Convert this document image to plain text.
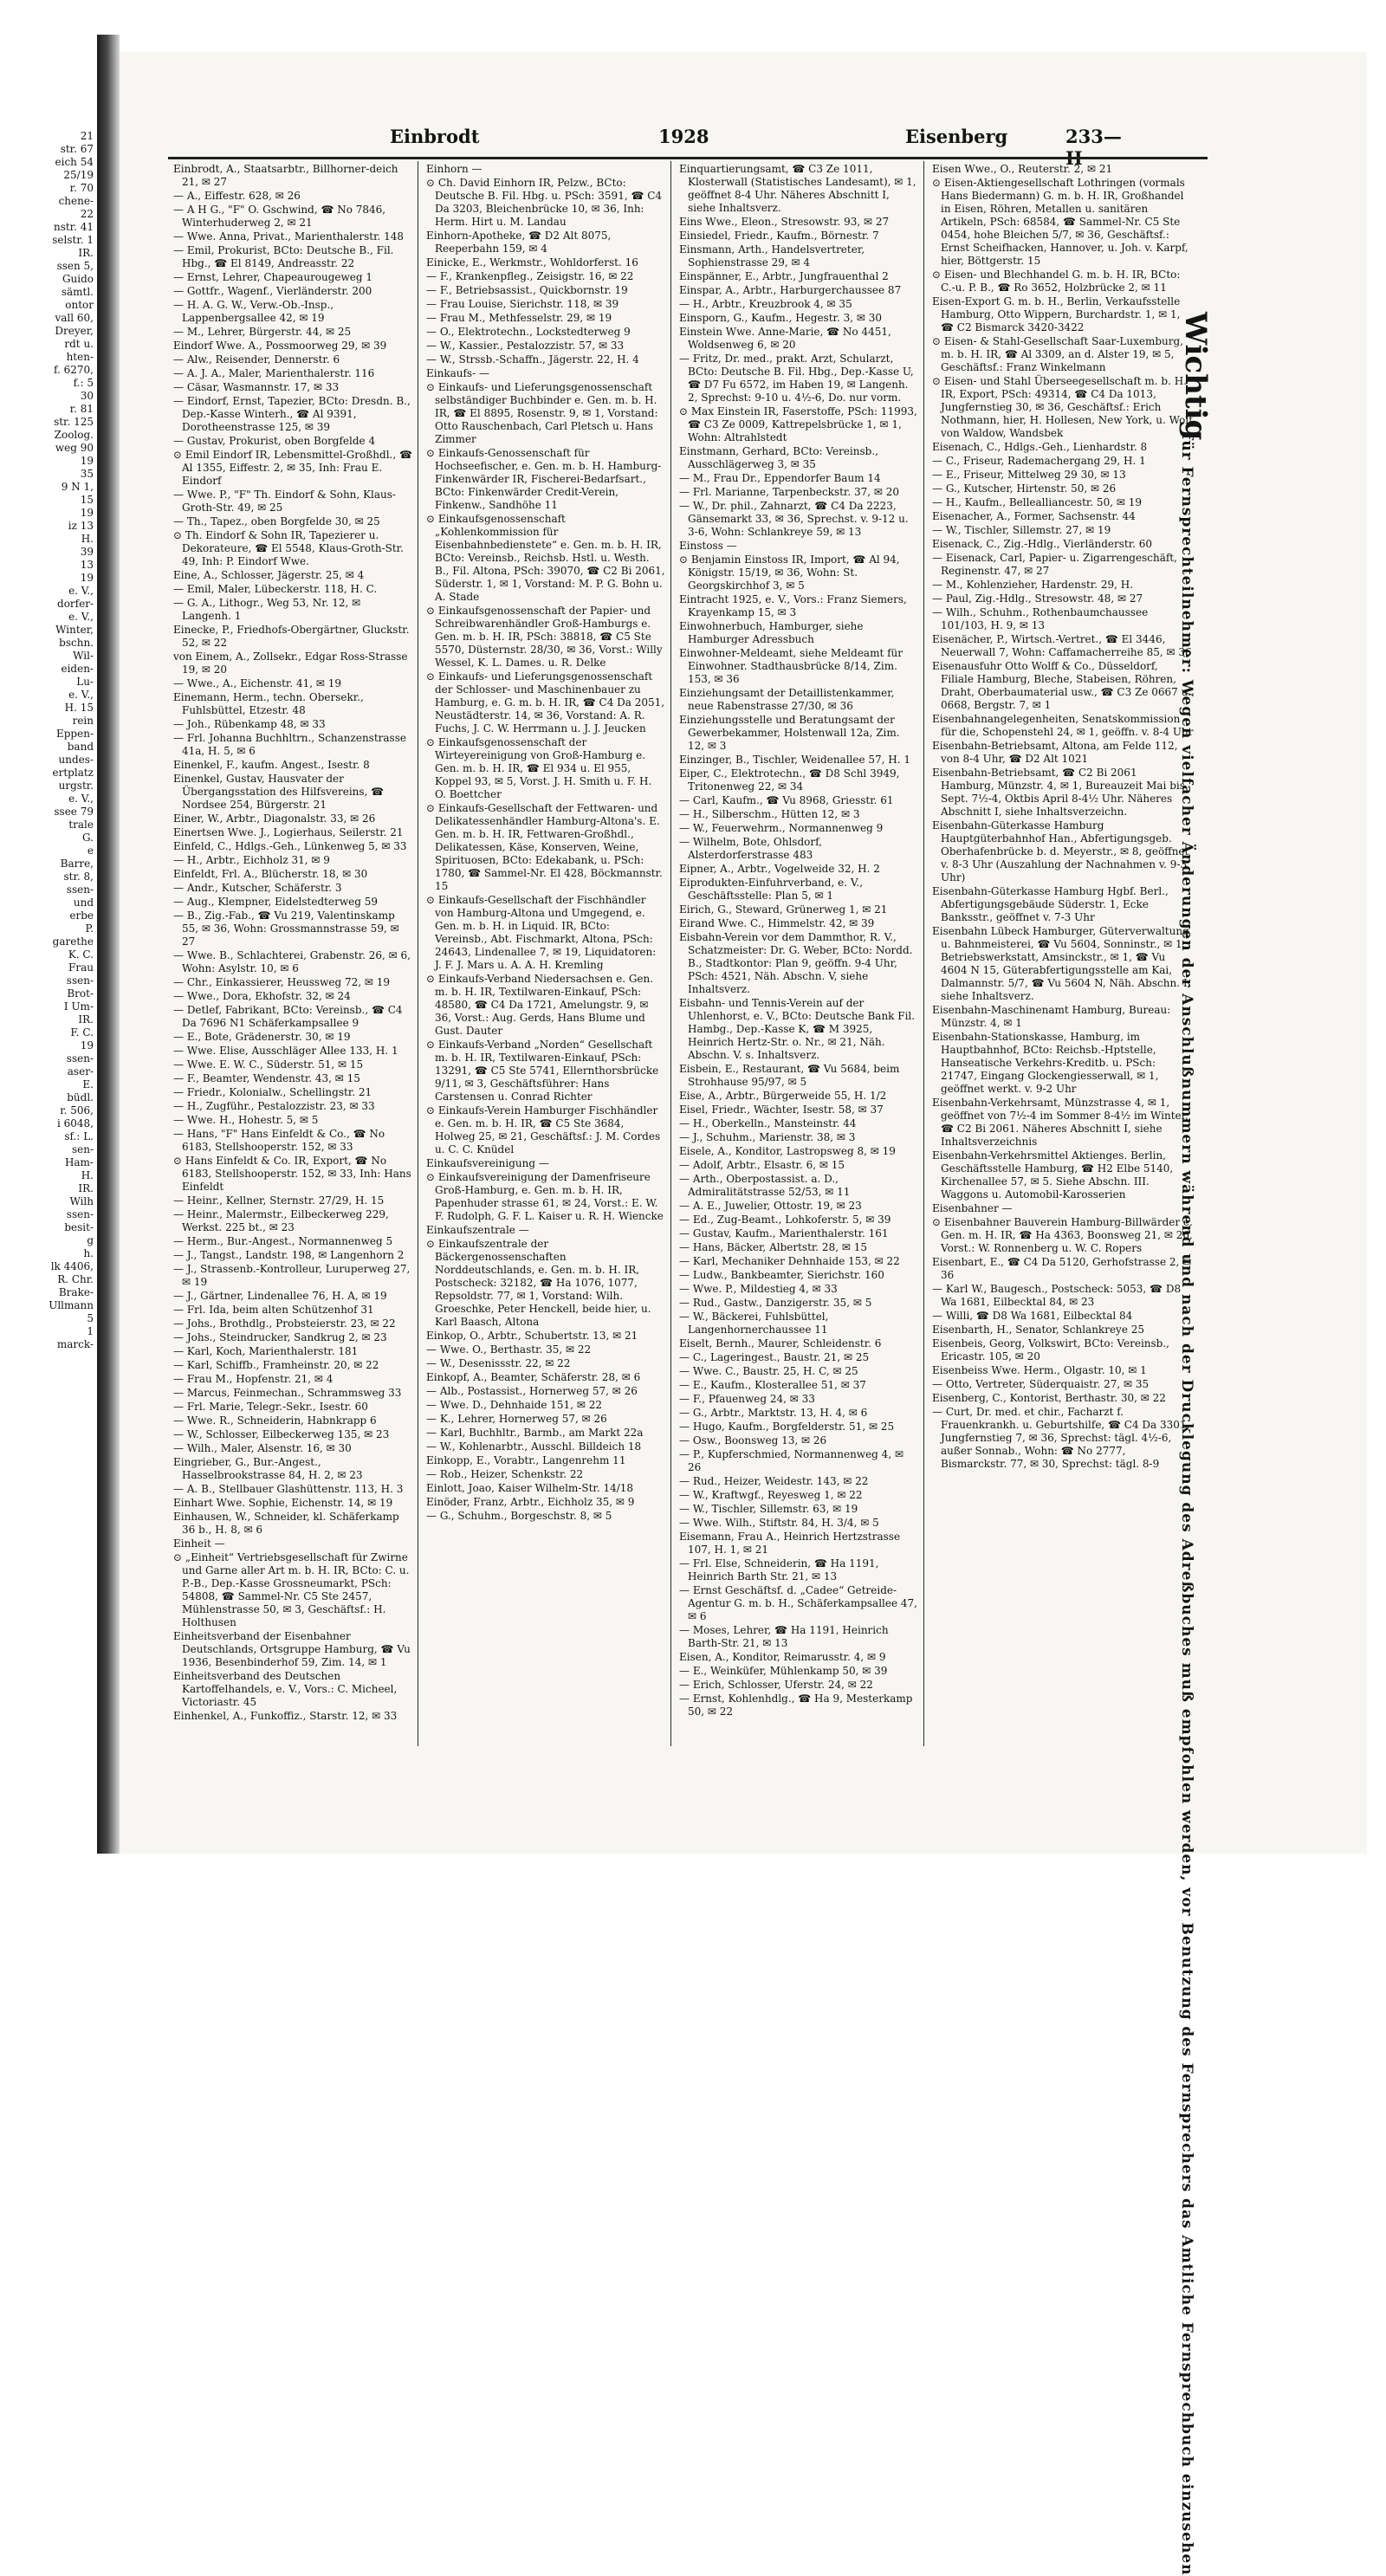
21
str. 67
eich 54
25/19
r. 70
chene-
22
nstr. 41
selstr. 1
IR.
ssen 5,
Guido
sämtl.
ontor
vall 60,
Dreyer,
rdt u.
hten-
f. 6270,
f.: 5
30
r. 81
str. 125
Zoolog.
weg 90
19
35
9 N 1,
15
19
iz 13
H.
39
13
19
e. V.,
dorfer-
e. V.,
Winter,
bschn.
Wil-
eiden-
Lu-
e. V.,
H. 15
rein
Eppen-
band
undes-
ertplatz
urgstr.
e. V.,
ssee 79
trale
G.
e
Barre,
str. 8,
ssen-
und
erbe
P.
garethe
K. C.
Frau
ssen-
Brot-
I Um-
IR.
F. C.
19
ssen-
aser-
E.
büdl.
r. 506,
i 6048,
sf.: L.
sen-
Ham-
H.
IR.
Wilh
ssen-
besit-
g
h.
lk 4406,
R. Chr.
Brake-
Ullmann
5
1
marck-
Einbrodt	1928	Eisenberg	233—II
Einbrodt, A., Staatsarbtr., Billhorner-deich 21, ✉ 27
— A., Eiffestr. 628, ✉ 26
— A H G., "F" O. Gschwind, ☎ No 7846, Winterhuderweg 2, ✉ 21
— Wwe. Anna, Privat., Marienthalerstr. 148
— Emil, Prokurist, BCto: Deutsche B., Fil. Hbg., ☎ El 8149, Andreasstr. 22
— Ernst, Lehrer, Chapeaurougeweg 1
— Gottfr., Wagenf., Vierländerstr. 200
— H. A. G. W., Verw.-Ob.-Insp., Lappenbergsallee 42, ✉ 19
— M., Lehrer, Bürgerstr. 44, ✉ 25
Eindorf Wwe. A., Possmoorweg 29, ✉ 39
— Alw., Reisender, Dennerstr. 6
— A. J. A., Maler, Marienthalerstr. 116
— Cäsar, Wasmannstr. 17, ✉ 33
— Eindorf, Ernst, Tapezier, BCto: Dresdn. B., Dep.-Kasse Winterh., ☎ Al 9391, Dorotheenstrasse 125, ✉ 39
— Gustav, Prokurist, oben Borgfelde 4
⊙ Emil Eindorf IR, Lebensmittel-Großhdl., ☎ Al 1355, Eiffestr. 2, ✉ 35, Inh: Frau E. Eindorf
— Wwe. P., "F" Th. Eindorf & Sohn, Klaus-Groth-Str. 49, ✉ 25
— Th., Tapez., oben Borgfelde 30, ✉ 25
⊙ Th. Eindorf & Sohn IR, Tapezierer u. Dekorateure, ☎ El 5548, Klaus-Groth-Str. 49, Inh: P. Eindorf Wwe.
Eine, A., Schlosser, Jägerstr. 25, ✉ 4
— Emil, Maler, Lübeckerstr. 118, H. C.
— G. A., Lithogr., Weg 53, Nr. 12, ✉ Langenh. 1
Einecke, P., Friedhofs-Obergärtner, Gluckstr. 52, ✉ 22
von Einem, A., Zollsekr., Edgar Ross-Strasse 19, ✉ 20
— Wwe., A., Eichenstr. 41, ✉ 19
Einemann, Herm., techn. Obersekr., Fuhlsbüttel, Etzestr. 48
— Joh., Rübenkamp 48, ✉ 33
— Frl. Johanna Buchhltrn., Schanzenstrasse 41a, H. 5, ✉ 6
Einenkel, F., kaufm. Angest., Isestr. 8
Einenkel, Gustav, Hausvater der Übergangsstation des Hilfsvereins, ☎ Nordsee 254, Bürgerstr. 21
Einer, W., Arbtr., Diagonalstr. 33, ✉ 26
Einertsen Wwe. J., Logierhaus, Seilerstr. 21
Einfeld, C., Hdlgs.-Geh., Lünkenweg 5, ✉ 33
— H., Arbtr., Eichholz 31, ✉ 9
Einfeldt, Frl. A., Blücherstr. 18, ✉ 30
— Andr., Kutscher, Schäferstr. 3
— Aug., Klempner, Eidelstedterweg 59
— B., Zig.-Fab., ☎ Vu 219, Valentinskamp 55, ✉ 36, Wohn: Grossmannstrasse 59, ✉ 27
— Wwe. B., Schlachterei, Grabenstr. 26, ✉ 6, Wohn: Asylstr. 10, ✉ 6
— Chr., Einkassierer, Heussweg 72, ✉ 19
— Wwe., Dora, Ekhofstr. 32, ✉ 24
— Detlef, Fabrikant, BCto: Vereinsb., ☎ C4 Da 7696 N1 Schäferkampsallee 9
— E., Bote, Grädenerstr. 30, ✉ 19
— Wwe. Elise, Ausschläger Allee 133, H. 1
— Wwe. E. W. C., Süderstr. 51, ✉ 15
— F., Beamter, Wendenstr. 43, ✉ 15
— Friedr., Kolonialw., Schellingstr. 21
— H., Zugführ., Pestalozzistr. 23, ✉ 33
— Wwe. H., Hohestr. 5, ✉ 5
— Hans, "F" Hans Einfeldt & Co., ☎ No 6183, Stellshooperstr. 152, ✉ 33
⊙ Hans Einfeldt & Co. IR, Export, ☎ No 6183, Stellshooperstr. 152, ✉ 33, Inh: Hans Einfeldt
— Heinr., Kellner, Sternstr. 27/29, H. 15
— Heinr., Malermstr., Eilbeckerweg 229, Werkst. 225 bt., ✉ 23
— Herm., Bur.-Angest., Normannenweg 5
— J., Tangst., Landstr. 198, ✉ Langenhorn 2
— J., Strassenb.-Kontrolleur, Luruperweg 27, ✉ 19
— J., Gärtner, Lindenallee 76, H. A, ✉ 19
— Frl. Ida, beim alten Schützenhof 31
— Johs., Brothdlg., Probsteierstr. 23, ✉ 22
— Johs., Steindrucker, Sandkrug 2, ✉ 23
— Karl, Koch, Marienthalerstr. 181
— Karl, Schiffb., Framheinstr. 20, ✉ 22
— Frau M., Hopfenstr. 21, ✉ 4
— Marcus, Feinmechan., Schrammsweg 33
— Frl. Marie, Telegr.-Sekr., Isestr. 60
— Wwe. R., Schneiderin, Habnkrapp 6
— W., Schlosser, Eilbeckerweg 135, ✉ 23
— Wilh., Maler, Alsenstr. 16, ✉ 30
Eingrieber, G., Bur.-Angest., Hasselbrookstrasse 84, H. 2, ✉ 23
— A. B., Stellbauer Glashüttenstr. 113, H. 3
Einhart Wwe. Sophie, Eichenstr. 14, ✉ 19
Einhausen, W., Schneider, kl. Schäferkamp 36 b., H. 8, ✉ 6
Einheit —
⊙ „Einheit“ Vertriebsgesellschaft für Zwirne und Garne aller Art m. b. H. IR, BCto: C. u. P.-B., Dep.-Kasse Grossneumarkt, PSch: 54808, ☎ Sammel-Nr. C5 Ste 2457, Mühlenstrasse 50, ✉ 3, Geschäftsf.: H. Holthusen
Einheitsverband der Eisenbahner Deutschlands, Ortsgruppe Hamburg, ☎ Vu 1936, Besenbinderhof 59, Zim. 14, ✉ 1
Einheitsverband des Deutschen Kartoffelhandels, e. V., Vors.: C. Micheel, Victoriastr. 45
Einhenkel, A., Funkoffiz., Starstr. 12, ✉ 33
Einhorn —
⊙ Ch. David Einhorn IR, Pelzw., BCto: Deutsche B. Fil. Hbg. u. PSch: 3591, ☎ C4 Da 3203, Bleichenbrücke 10, ✉ 36, Inh: Herm. Hirt u. M. Landau
Einhorn-Apotheke, ☎ D2 Alt 8075, Reeperbahn 159, ✉ 4
Einicke, E., Werkmstr., Wohldorferst. 16
— F., Krankenpfleg., Zeisigstr. 16, ✉ 22
— F., Betriebsassist., Quickbornstr. 19
— Frau Louise, Sierichstr. 118, ✉ 39
— Frau M., Methfesselstr. 29, ✉ 19
— O., Elektrotechn., Lockstedterweg 9
— W., Kassier., Pestalozzistr. 57, ✉ 33
— W., Strssb.-Schaffn., Jägerstr. 22, H. 4
Einkaufs- —
⊙ Einkaufs- und Lieferungsgenossenschaft selbständiger Buchbinder e. Gen. m. b. H. IR, ☎ El 8895, Rosenstr. 9, ✉ 1, Vorstand: Otto Rauschenbach, Carl Pletsch u. Hans Zimmer
⊙ Einkaufs-Genossenschaft für Hochseefischer, e. Gen. m. b. H. Hamburg-Finkenwärder IR, Fischerei-Bedarfsart., BCto: Finkenwärder Credit-Verein, Finkenw., Sandhöhe 11
⊙ Einkaufsgenossenschaft „Kohlenkommission für Eisenbahnbedienstete“ e. Gen. m. b. H. IR, BCto: Vereinsb., Reichsb. Hstl. u. Westh. B., Fil. Altona, PSch: 39070, ☎ C2 Bi 2061, Süderstr. 1, ✉ 1, Vorstand: M. P. G. Bohn u. A. Stade
⊙ Einkaufsgenossenschaft der Papier- und Schreibwarenhändler Groß-Hamburgs e. Gen. m. b. H. IR, PSch: 38818, ☎ C5 Ste 5570, Düsternstr. 28/30, ✉ 36, Vorst.: Willy Wessel, K. L. Dames. u. R. Delke
⊙ Einkaufs- und Lieferungsgenossenschaft der Schlosser- und Maschinenbauer zu Hamburg, e. G. m. b. H. IR, ☎ C4 Da 2051, Neustädterstr. 14, ✉ 36, Vorstand: A. R. Fuchs, J. C. W. Herrmann u. J. J. Jeucken
⊙ Einkaufsgenossenschaft der Wirteyereinigung von Groß-Hamburg e. Gen. m. b. H. IR, ☎ El 934 u. El 955, Koppel 93, ✉ 5, Vorst. J. H. Smith u. F. H. O. Boettcher
⊙ Einkaufs-Gesellschaft der Fettwaren- und Delikatessenhändler Hamburg-Altona's. E. Gen. m. b. H. IR, Fettwaren-Großhdl., Delikatessen, Käse, Konserven, Weine, Spirituosen, BCto: Edekabank, u. PSch: 1780, ☎ Sammel-Nr. El 428, Böckmannstr. 15
⊙ Einkaufs-Gesellschaft der Fischhändler von Hamburg-Altona und Umgegend, e. Gen. m. b. H. in Liquid. IR, BCto: Vereinsb., Abt. Fischmarkt, Altona, PSch: 24643, Lindenallee 7, ✉ 19, Liquidatoren: J. F. J. Mars u. A. A. H. Kremling
⊙ Einkaufs-Verband Niedersachsen e. Gen. m. b. H. IR, Textilwaren-Einkauf, PSch: 48580, ☎ C4 Da 1721, Amelungstr. 9, ✉ 36, Vorst.: Aug. Gerds, Hans Blume und Gust. Dauter
⊙ Einkaufs-Verband „Norden“ Gesellschaft m. b. H. IR, Textilwaren-Einkauf, PSch: 13291, ☎ C5 Ste 5741, Ellernthorsbrücke 9/11, ✉ 3, Geschäftsführer: Hans Carstensen u. Conrad Richter
⊙ Einkaufs-Verein Hamburger Fischhändler e. Gen. m. b. H. IR, ☎ C5 Ste 3684, Holweg 25, ✉ 21, Geschäftsf.: J. M. Cordes u. C. C. Knüdel
Einkaufsvereinigung —
⊙ Einkaufsvereinigung der Damenfriseure Groß-Hamburg, e. Gen. m. b. H. IR, Papenhuder strasse 61, ✉ 24, Vorst.: E. W. F. Rudolph, G. F. L. Kaiser u. R. H. Wiencke
Einkaufszentrale —
⊙ Einkaufszentrale der Bäckergenossenschaften Norddeutschlands, e. Gen. m. b. H. IR, Postscheck: 32182, ☎ Ha 1076, 1077, Repsoldstr. 77, ✉ 1, Vorstand: Wilh. Groeschke, Peter Henckell, beide hier, u. Karl Baasch, Altona
Einkop, O., Arbtr., Schubertstr. 13, ✉ 21
— Wwe. O., Berthastr. 35, ✉ 22
— W., Desenissstr. 22, ✉ 22
Einkopf, A., Beamter, Schäferstr. 28, ✉ 6
— Alb., Postassist., Hornerweg 57, ✉ 26
— Wwe. D., Dehnhaide 151, ✉ 22
— K., Lehrer, Hornerweg 57, ✉ 26
— Karl, Buchhltr., Barmb., am Markt 22a
— W., Kohlenarbtr., Ausschl. Billdeich 18
Einkopp, E., Vorabtr., Langenrehm 11
— Rob., Heizer, Schenkstr. 22
Einlott, Joao, Kaiser Wilhelm-Str. 14/18
Einöder, Franz, Arbtr., Eichholz 35, ✉ 9
— G., Schuhm., Borgeschstr. 8, ✉ 5
Einquartierungsamt, ☎ C3 Ze 1011, Klosterwall (Statistisches Landesamt), ✉ 1, geöffnet 8-4 Uhr. Näheres Abschnitt I, siehe Inhaltsverz.
Eins Wwe., Eleon., Stresowstr. 93, ✉ 27
Einsiedel, Friedr., Kaufm., Börnestr. 7
Einsmann, Arth., Handelsvertreter, Sophienstrasse 29, ✉ 4
Einspänner, E., Arbtr., Jungfrauenthal 2
Einspar, A., Arbtr., Harburgerchaussee 87
— H., Arbtr., Kreuzbrook 4, ✉ 35
Einsporn, G., Kaufm., Hegestr. 3, ✉ 30
Einstein Wwe. Anne-Marie, ☎ No 4451, Woldsenweg 6, ✉ 20
— Fritz, Dr. med., prakt. Arzt, Schularzt, BCto: Deutsche B. Fil. Hbg., Dep.-Kasse U, ☎ D7 Fu 6572, im Haben 19, ✉ Langenh. 2, Sprechst: 9-10 u. 4½-6, Do. nur vorm.
⊙ Max Einstein IR, Faserstoffe, PSch: 11993, ☎ C3 Ze 0009, Kattrepelsbrücke 1, ✉ 1, Wohn: Altrahlstedt
Einstmann, Gerhard, BCto: Vereinsb., Ausschlägerweg 3, ✉ 35
— M., Frau Dr., Eppendorfer Baum 14
— Frl. Marianne, Tarpenbeckstr. 37, ✉ 20
— W., Dr. phil., Zahnarzt, ☎ C4 Da 2223, Gänsemarkt 33, ✉ 36, Sprechst. v. 9-12 u. 3-6, Wohn: Schlankreye 59, ✉ 13
Einstoss —
⊙ Benjamin Einstoss IR, Import, ☎ Al 94, Königstr. 15/19, ✉ 36, Wohn: St. Georgskirchhof 3, ✉ 5
Eintracht 1925, e. V., Vors.: Franz Siemers, Krayenkamp 15, ✉ 3
Einwohnerbuch, Hamburger, siehe Hamburger Adressbuch
Einwohner-Meldeamt, siehe Meldeamt für Einwohner. Stadthausbrücke 8/14, Zim. 153, ✉ 36
Einziehungsamt der Detaillistenkammer, neue Rabenstrasse 27/30, ✉ 36
Einziehungsstelle und Beratungsamt der Gewerbekammer, Holstenwall 12a, Zim. 12, ✉ 3
Einzinger, B., Tischler, Weidenallee 57, H. 1
Eiper, C., Elektrotechn., ☎ D8 Schl 3949, Tritonenweg 22, ✉ 34
— Carl, Kaufm., ☎ Vu 8968, Griesstr. 61
— H., Silberschm., Hütten 12, ✉ 3
— W., Feuerwehrm., Normannenweg 9
— Wilhelm, Bote, Ohlsdorf, Alsterdorferstrasse 483
Eipner, A., Arbtr., Vogelweide 32, H. 2
Eiprodukten-Einfuhrverband, e. V., Geschäftsstelle: Plan 5, ✉ 1
Eirich, G., Steward, Grünerweg 1, ✉ 21
Eirand Wwe. C., Himmelstr. 42, ✉ 39
Eisbahn-Verein vor dem Dammthor, R. V., Schatzmeister: Dr. G. Weber, BCto: Nordd. B., Stadtkontor: Plan 9, geöffn. 9-4 Uhr, PSch: 4521, Näh. Abschn. V, siehe Inhaltsverz.
Eisbahn- und Tennis-Verein auf der Uhlenhorst, e. V., BCto: Deutsche Bank Fil. Hambg., Dep.-Kasse K, ☎ M 3925, Heinrich Hertz-Str. o. Nr., ✉ 21, Näh. Abschn. V. s. Inhaltsverz.
Eisbein, E., Restaurant, ☎ Vu 5684, beim Strohhause 95/97, ✉ 5
Eise, A., Arbtr., Bürgerweide 55, H. 1/2
Eisel, Friedr., Wächter, Isestr. 58, ✉ 37
— H., Oberkelln., Mansteinstr. 44
— J., Schuhm., Marienstr. 38, ✉ 3
Eisele, A., Konditor, Lastropsweg 8, ✉ 19
— Adolf, Arbtr., Elsastr. 6, ✉ 15
— Arth., Oberpostassist. a. D., Admiralitätstrasse 52/53, ✉ 11
— A. E., Juwelier, Ottostr. 19, ✉ 23
— Ed., Zug-Beamt., Lohkoferstr. 5, ✉ 39
— Gustav, Kaufm., Marienthalerstr. 161
— Hans, Bäcker, Albertstr. 28, ✉ 15
— Karl, Mechaniker Dehnhaide 153, ✉ 22
— Ludw., Bankbeamter, Sierichstr. 160
— Wwe. P., Mildestieg 4, ✉ 33
— Rud., Gastw., Danzigerstr. 35, ✉ 5
— W., Bäckerei, Fuhlsbüttel, Langenhornerchaussee 11
Eiselt, Bernh., Maurer, Schleidenstr. 6
— C., Lageringest., Baustr. 21, ✉ 25
— Wwe. C., Baustr. 25, H. C, ✉ 25
— E., Kaufm., Klosterallee 51, ✉ 37
— F., Pfauenweg 24, ✉ 33
— G., Arbtr., Marktstr. 13, H. 4, ✉ 6
— Hugo, Kaufm., Borgfelderstr. 51, ✉ 25
— Osw., Boonsweg 13, ✉ 26
— P., Kupferschmied, Normannenweg 4, ✉ 26
— Rud., Heizer, Weidestr. 143, ✉ 22
— W., Kraftwgf., Reyesweg 1, ✉ 22
— W., Tischler, Sillemstr. 63, ✉ 19
— Wwe. Wilh., Stiftstr. 84, H. 3/4, ✉ 5
Eisemann, Frau A., Heinrich Hertzstrasse 107, H. 1, ✉ 21
— Frl. Else, Schneiderin, ☎ Ha 1191, Heinrich Barth Str. 21, ✉ 13
— Ernst Geschäftsf. d. „Cadee“ Getreide-Agentur G. m. b. H., Schäferkampsallee 47, ✉ 6
— Moses, Lehrer, ☎ Ha 1191, Heinrich Barth-Str. 21, ✉ 13
Eisen, A., Konditor, Reimarusstr. 4, ✉ 9
— E., Weinküfer, Mühlenkamp 50, ✉ 39
— Erich, Schlosser, Uferstr. 24, ✉ 22
— Ernst, Kohlenhdlg., ☎ Ha 9, Mesterkamp 50, ✉ 22
Eisen Wwe., O., Reuterstr. 2, ✉ 21
⊙ Eisen-Aktiengesellschaft Lothringen (vormals Hans Biedermann) G. m. b. H. IR, Großhandel in Eisen, Röhren, Metallen u. sanitären Artikeln, PSch: 68584, ☎ Sammel-Nr. C5 Ste 0454, hohe Bleichen 5/7, ✉ 36, Geschäftsf.: Ernst Scheifhacken, Hannover, u. Joh. v. Karpf, hier, Böttgerstr. 15
⊙ Eisen- und Blechhandel G. m. b. H. IR, BCto: C.-u. P. B., ☎ Ro 3652, Holzbrücke 2, ✉ 11
Eisen-Export G. m. b. H., Berlin, Verkaufsstelle Hamburg, Otto Wippern, Burchardstr. 1, ✉ 1, ☎ C2 Bismarck 3420-3422
⊙ Eisen- & Stahl-Gesellschaft Saar-Luxemburg, m. b. H. IR, ☎ Al 3309, an d. Alster 19, ✉ 5, Geschäftsf.: Franz Winkelmann
⊙ Eisen- und Stahl Überseegesellschaft m. b. H. IR, Export, PSch: 49314, ☎ C4 Da 1013, Jungfernstieg 30, ✉ 36, Geschäftsf.: Erich Nothmann, hier, H. Hollesen, New York, u. Wolf von Waldow, Wandsbek
Eisenach, C., Hdlgs.-Geh., Lienhardstr. 8
— C., Friseur, Rademachergang 29, H. 1
— E., Friseur, Mittelweg 29 30, ✉ 13
— G., Kutscher, Hirtenstr. 50, ✉ 26
— H., Kaufm., Bellealliancestr. 50, ✉ 19
Eisenacher, A., Former, Sachsenstr. 44
— W., Tischler, Sillemstr. 27, ✉ 19
Eisenack, C., Zig.-Hdlg., Vierländerstr. 60
— Eisenack, Carl, Papier- u. Zigarrengeschäft, Reginenstr. 47, ✉ 27
— M., Kohlenzieher, Hardenstr. 29, H.
— Paul, Zig.-Hdlg., Stresowstr. 48, ✉ 27
— Wilh., Schuhm., Rothenbaumchaussee 101/103, H. 9, ✉ 13
Eisenächer, P., Wirtsch.-Vertret., ☎ El 3446, Neuerwall 7, Wohn: Caffamacherreihe 85, ✉ 36
Eisenausfuhr Otto Wolff & Co., Düsseldorf, Filiale Hamburg, Bleche, Stabeisen, Röhren, Draht, Oberbaumaterial usw., ☎ C3 Ze 0667 u. 0668, Bergstr. 7, ✉ 1
Eisenbahnangelegenheiten, Senatskommission für die, Schopenstehl 24, ✉ 1, geöffn. v. 8-4 Uhr
Eisenbahn-Betriebsamt, Altona, am Felde 112, von 8-4 Uhr, ☎ D2 Alt 1021
Eisenbahn-Betriebsamt, ☎ C2 Bi 2061 Hamburg, Münzstr. 4, ✉ 1, Bureauzeit Mai bis Sept. 7½-4, Oktbis April 8-4½ Uhr. Näheres Abschnitt I, siehe Inhaltsverzeichn.
Eisenbahn-Güterkasse Hamburg Hauptgüterbahnhof Han., Abfertigungsgeb. Oberhafenbrücke b. d. Meyerstr., ✉ 8, geöffnet v. 8-3 Uhr (Auszahlung der Nachnahmen v. 9-3 Uhr)
Eisenbahn-Güterkasse Hamburg Hgbf. Berl., Abfertigungsgebäude Süderstr. 1, Ecke Banksstr., geöffnet v. 7-3 Uhr
Eisenbahn Lübeck Hamburger, Güterverwaltung u. Bahnmeisterei, ☎ Vu 5604, Sonninstr., ✉ 1, Betriebswerkstatt, Amsinckstr., ✉ 1, ☎ Vu 4604 N 15, Güterabfertigungsstelle am Kai, Dalmannstr. 5/7, ☎ Vu 5604 N, Näh. Abschn. I, siehe Inhaltsverz.
Eisenbahn-Maschinenamt Hamburg, Bureau: Münzstr. 4, ✉ 1
Eisenbahn-Stationskasse, Hamburg, im Hauptbahnhof, BCto: Reichsb.-Hptstelle, Hanseatische Verkehrs-Kreditb. u. PSch: 21747, Eingang Glockengiesserwall, ✉ 1, geöffnet werkt. v. 9-2 Uhr
Eisenbahn-Verkehrsamt, Münzstrasse 4, ✉ 1, geöffnet von 7½-4 im Sommer 8-4½ im Winter, ☎ C2 Bi 2061. Näheres Abschnitt I, siehe Inhaltsverzeichnis
Eisenbahn-Verkehrsmittel Aktienges. Berlin, Geschäftsstelle Hamburg, ☎ H2 Elbe 5140, Kirchenallee 57, ✉ 5. Siehe Abschn. III. Waggons u. Automobil-Karosserien
Eisenbahner —
⊙ Eisenbahner Bauverein Hamburg-Billwärder e. Gen. m. H. IR, ☎ Ha 4363, Boonsweg 21, ✉ 26, Vorst.: W. Ronnenberg u. W. C. Ropers
Eisenbart, E., ☎ C4 Da 5120, Gerhofstrasse 2, ✉ 36
— Karl W., Baugesch., Postscheck: 5053, ☎ D8 Wa 1681, Eilbecktal 84, ✉ 23
— Willi, ☎ D8 Wa 1681, Eilbecktal 84
Eisenbarth, H., Senator, Schlankreye 25
Eisenbeis, Georg, Volkswirt, BCto: Vereinsb., Ericastr. 105, ✉ 20
Eisenbeiss Wwe. Herm., Olgastr. 10, ✉ 1
— Otto, Vertreter, Süderquaistr. 27, ✉ 35
Eisenberg, C., Kontorist, Berthastr. 30, ✉ 22
— Curt, Dr. med. et chir., Facharzt f. Frauenkrankh. u. Geburtshilfe, ☎ C4 Da 3301, Jungfernstieg 7, ✉ 36, Sprechst: tägl. 4½-6, außer Sonnab., Wohn: ☎ No 2777, Bismarckstr. 77, ✉ 30, Sprechst: tägl. 8-9
Wichtig
für Fernsprechteilnehmer: Wegen vielfacher Änderungen der Anschlußnummern während und nach der Drucklegung des Adreßbuches muß empfohlen werden, vor Benutzung des Fernsprechers das Amtliche Fernsprechbuch einzusehen
